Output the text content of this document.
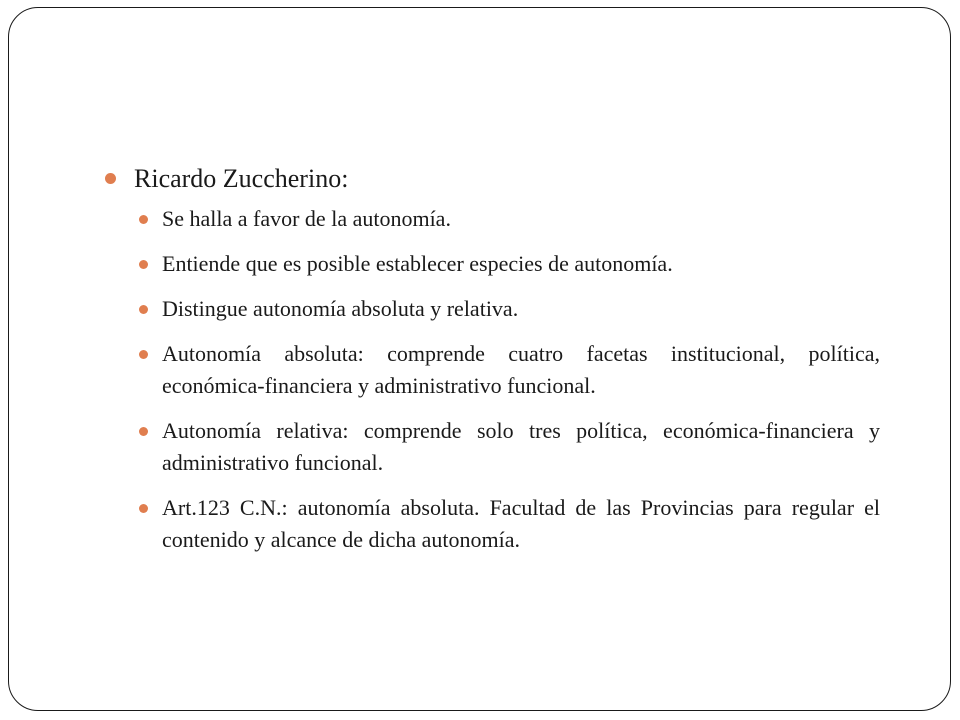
Ricardo Zuccherino:
Se halla a favor de la autonomía.
Entiende que es posible establecer especies de autonomía.
Distingue autonomía absoluta y relativa.
Autonomía absoluta: comprende cuatro facetas institucional, política, económica-financiera y administrativo funcional.
Autonomía relativa: comprende solo tres política, económica-financiera y administrativo funcional.
Art.123 C.N.: autonomía absoluta. Facultad de las Provincias para regular el contenido y alcance de dicha autonomía.
